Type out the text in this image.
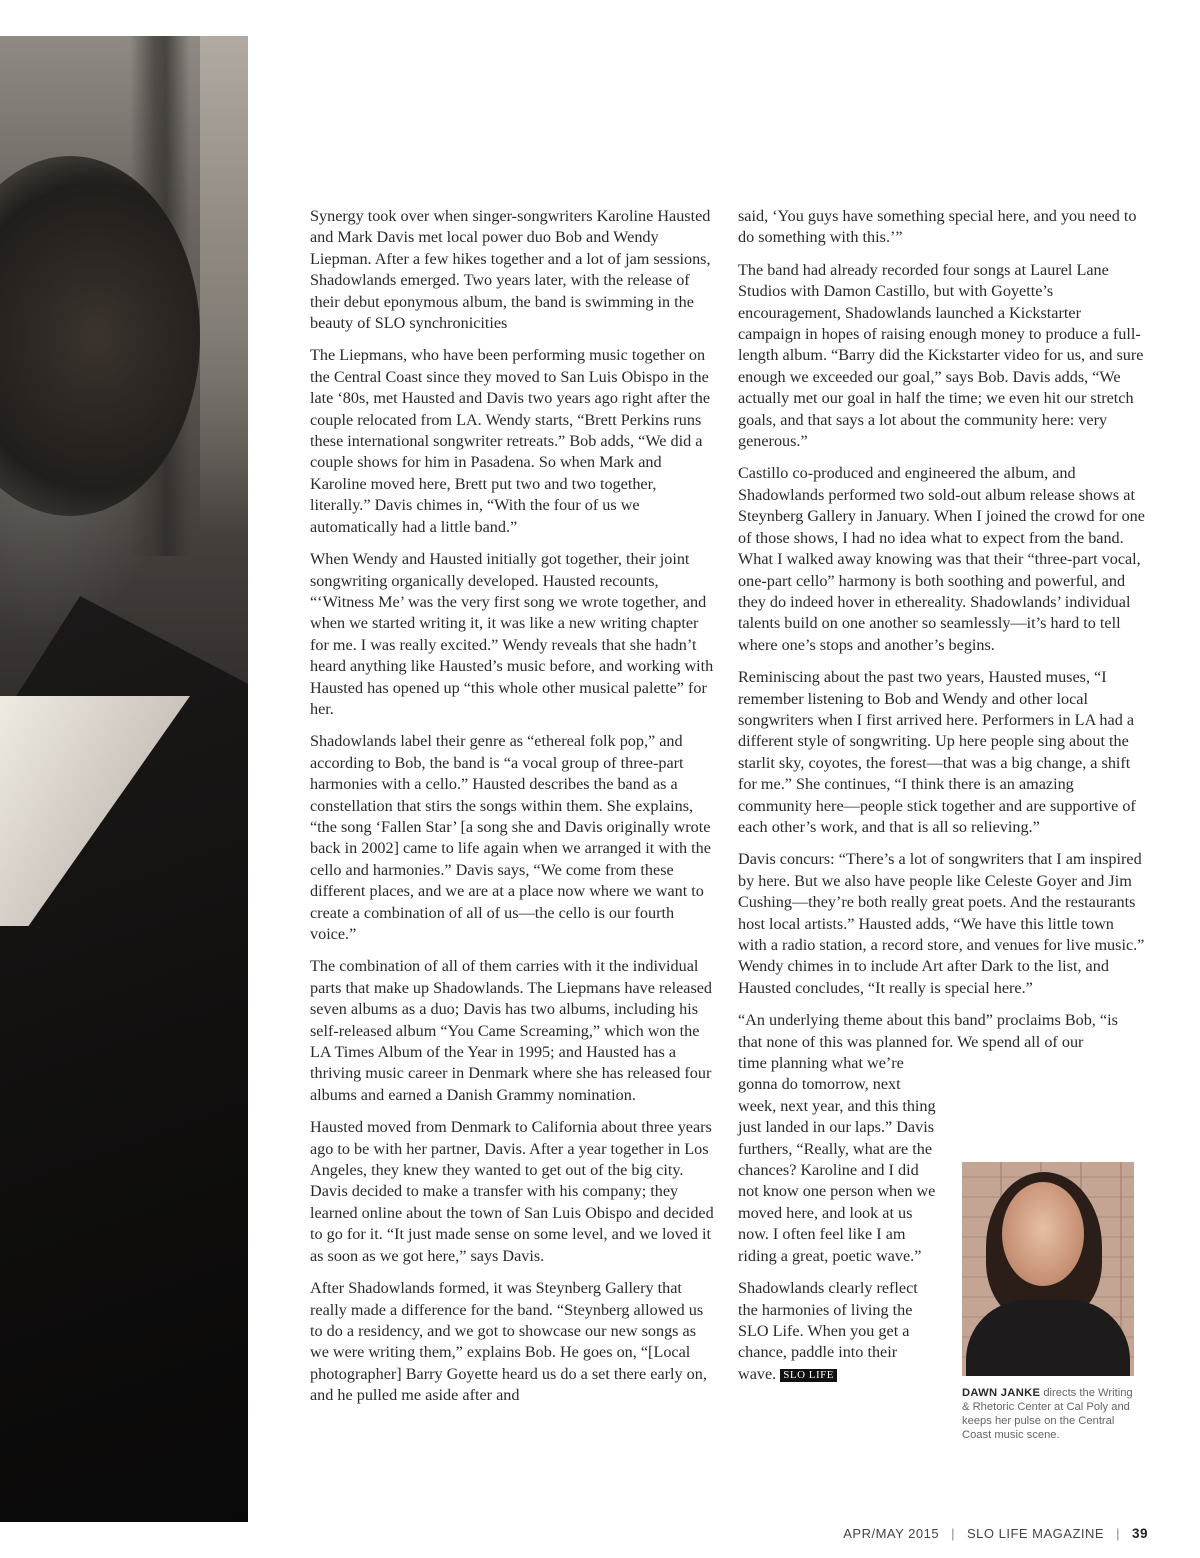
Synergy took over when singer-songwriters Karoline Hausted and Mark Davis met local power duo Bob and Wendy Liepman. After a few hikes together and a lot of jam sessions, Shadowlands emerged. Two years later, with the release of their debut eponymous album, the band is swimming in the beauty of SLO synchronicities

The Liepmans, who have been performing music together on the Central Coast since they moved to San Luis Obispo in the late ‘80s, met Hausted and Davis two years ago right after the couple relocated from LA. Wendy starts, “Brett Perkins runs these international songwriter retreats.” Bob adds, “We did a couple shows for him in Pasadena. So when Mark and Karoline moved here, Brett put two and two together, literally.” Davis chimes in, “With the four of us we automatically had a little band.”

When Wendy and Hausted initially got together, their joint songwriting organically developed. Hausted recounts, “‘Witness Me’ was the very first song we wrote together, and when we started writing it, it was like a new writing chapter for me. I was really excited.” Wendy reveals that she hadn’t heard anything like Hausted’s music before, and working with Hausted has opened up “this whole other musical palette” for her.

Shadowlands label their genre as “ethereal folk pop,” and according to Bob, the band is “a vocal group of three-part harmonies with a cello.” Hausted describes the band as a constellation that stirs the songs within them. She explains, “the song ‘Fallen Star’ [a song she and Davis originally wrote back in 2002] came to life again when we arranged it with the cello and harmonies.” Davis says, “We come from these different places, and we are at a place now where we want to create a combination of all of us—the cello is our fourth voice.”

The combination of all of them carries with it the individual parts that make up Shadowlands. The Liepmans have released seven albums as a duo; Davis has two albums, including his self-released album “You Came Screaming,” which won the LA Times Album of the Year in 1995; and Hausted has a thriving music career in Denmark where she has released four albums and earned a Danish Grammy nomination.

Hausted moved from Denmark to California about three years ago to be with her partner, Davis. After a year together in Los Angeles, they knew they wanted to get out of the big city. Davis decided to make a transfer with his company; they learned online about the town of San Luis Obispo and decided to go for it. “It just made sense on some level, and we loved it as soon as we got here,” says Davis.

After Shadowlands formed, it was Steynberg Gallery that really made a difference for the band. “Steynberg allowed us to do a residency, and we got to showcase our new songs as we were writing them,” explains Bob. He goes on, “[Local photographer] Barry Goyette heard us do a set there early on, and he pulled me aside after and

said, ‘You guys have something special here, and you need to do something with this.’”

The band had already recorded four songs at Laurel Lane Studios with Damon Castillo, but with Goyette’s encouragement, Shadowlands launched a Kickstarter campaign in hopes of raising enough money to produce a full-length album. “Barry did the Kickstarter video for us, and sure enough we exceeded our goal,” says Bob. Davis adds, “We actually met our goal in half the time; we even hit our stretch goals, and that says a lot about the community here: very generous.”

Castillo co-produced and engineered the album, and Shadowlands performed two sold-out album release shows at Steynberg Gallery in January. When I joined the crowd for one of those shows, I had no idea what to expect from the band. What I walked away knowing was that their “three-part vocal, one-part cello” harmony is both soothing and powerful, and they do indeed hover in ethereality. Shadowlands’ individual talents build on one another so seamlessly—it’s hard to tell where one’s stops and another’s begins.

Reminiscing about the past two years, Hausted muses, “I remember listening to Bob and Wendy and other local songwriters when I first arrived here. Performers in LA had a different style of songwriting. Up here people sing about the starlit sky, coyotes, the forest—that was a big change, a shift for me.” She continues, “I think there is an amazing community here—people stick together and are supportive of each other’s work, and that is all so relieving.”

Davis concurs: “There’s a lot of songwriters that I am inspired by here. But we also have people like Celeste Goyer and Jim Cushing—they’re both really great poets. And the restaurants host local artists.” Hausted adds, “We have this little town with a radio station, a record store, and venues for live music.” Wendy chimes in to include Art after Dark to the list, and Hausted concludes, “It really is special here.”

“An underlying theme about this band” proclaims Bob, “is that none of this was planned for. We spend all of our

time planning what we’re gonna do tomorrow, next week, next year, and this thing just landed in our laps.” Davis furthers, “Really, what are the chances? Karoline and I did not know one person when we moved here, and look at us now. I often feel like I am riding a great, poetic wave.”

Shadowlands clearly reflect the harmonies of living the SLO Life. When you get a chance, paddle into their wave. SLO LIFE

DAWN JANKE directs the Writing & Rhetoric Center at Cal Poly and keeps her pulse on the Central Coast music scene.
APR/MAY 2015 | SLO LIFE MAGAZINE | 39
